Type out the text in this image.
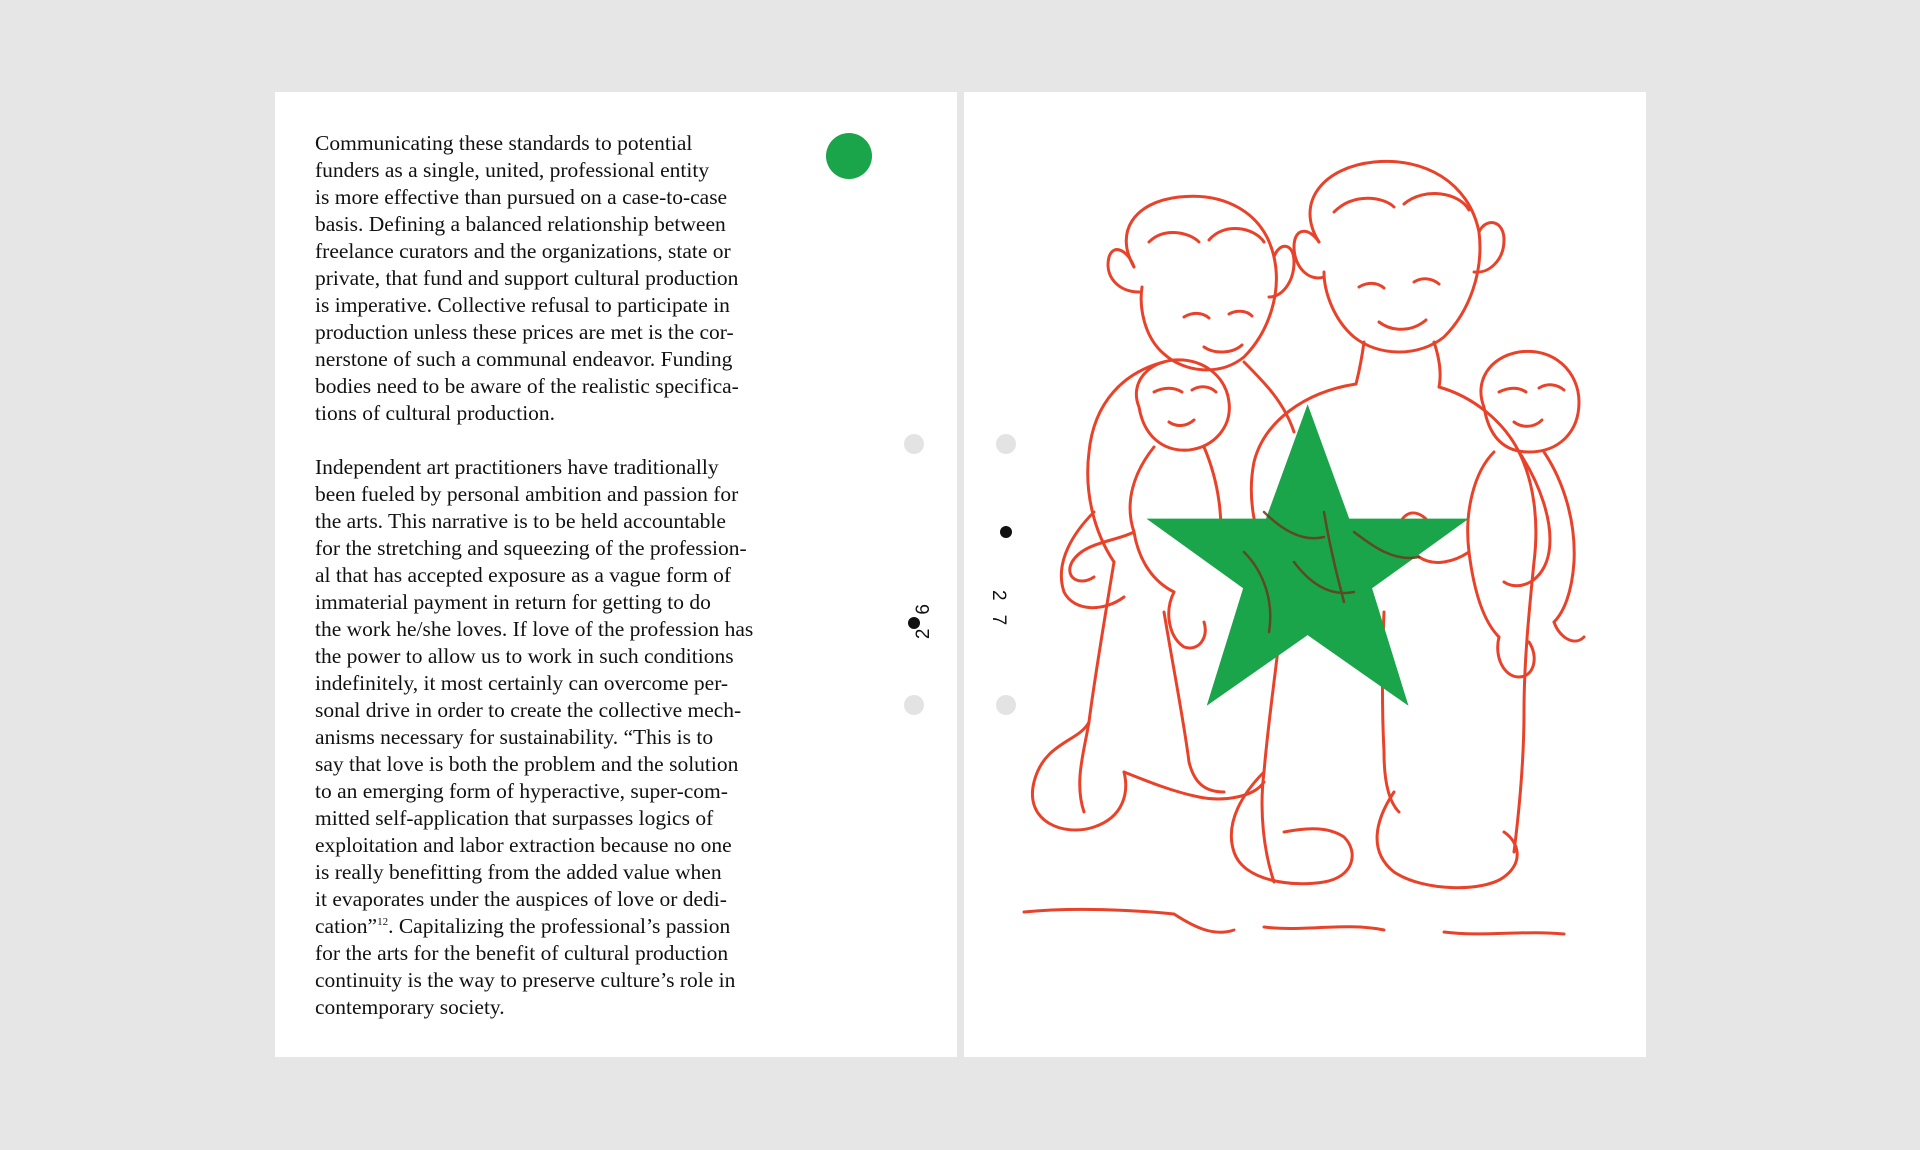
Communicating these standards to potential
funders as a single, united, professional entity
is more effective than pursued on a case-to-case
basis. Defining a balanced relationship between
freelance curators and the organizations, state or
private, that fund and support cultural production
is imperative. Collective refusal to participate in
production unless these prices are met is the cor-
nerstone of such a communal endeavor. Funding
bodies need to be aware of the realistic specifica-
tions of cultural production.

Independent art practitioners have traditionally
been fueled by personal ambition and passion for
the arts. This narrative is to be held accountable
for the stretching and squeezing of the profession-
al that has accepted exposure as a vague form of
immaterial payment in return for getting to do
the work he/she loves. If love of the profession has
the power to allow us to work in such conditions
indefinitely, it most certainly can overcome per-
sonal drive in order to create the collective mech-
anisms necessary for sustainability. “This is to
say that love is both the problem and the solution
to an emerging form of hyperactive, super-com-
mitted self-application that surpasses logics of
exploitation and labor extraction because no one
is really benefitting from the added value when
it evaporates under the auspices of love or dedi-
cation”$^{12}$. Capitalizing the professional’s passion
for the arts for the benefit of cultural production
continuity is the way to preserve culture’s role in
contemporary society.

26	27
